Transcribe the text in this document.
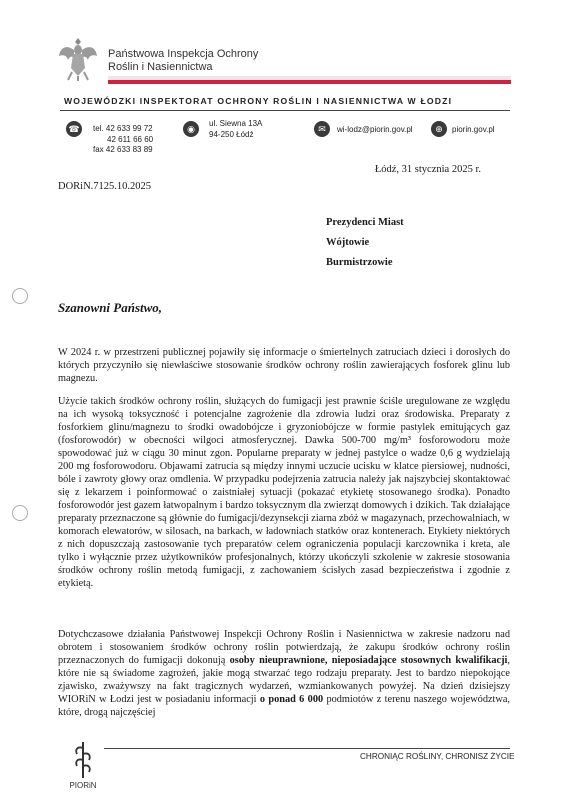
Państwowa Inspekcja Ochrony
Roślin i Nasiennictwa
WOJEWÓDZKI INSPEKTORAT OCHRONY ROŚLIN I NASIENNICTWA W ŁODZI
☎ tel. 42 633 99 72
42 611 66 60
fax 42 633 83 89
◉
ul. Siewna 13A
94-250 Łódź	✉	wi-lodz@piorin.gov.pl	⊕	piorin.gov.pl
Łódź, 31 stycznia 2025 r.
DORiN.7125.10.2025
Prezydenci Miast
Wójtowie
Burmistrzowie
Szanowni Państwo,
W 2024 r. w przestrzeni publicznej pojawiły się informacje o śmiertelnych zatruciach dzieci i dorosłych do których przyczyniło się niewłaściwe stosowanie środków ochrony roślin zawierających fosforek glinu lub magnezu.
Użycie takich środków ochrony roślin, służących do fumigacji jest prawnie ściśle uregulowane ze względu na ich wysoką toksyczność i potencjalne zagrożenie dla zdrowia ludzi oraz środowiska. Preparaty z fosforkiem glinu/magnezu to środki owadobójcze i gryzoniobójcze w formie pastylek emitujących gaz (fosforowodór) w obecności wilgoci atmosferycznej. Dawka 500-700 mg/m³ fosforowodoru może spowodować już w ciągu 30 minut zgon. Popularne preparaty w jednej pastylce o wadze 0,6 g wydzielają 200 mg fosforowodoru. Objawami zatrucia są między innymi uczucie ucisku w klatce piersiowej, nudności, bóle i zawroty głowy oraz omdlenia. W przypadku podejrzenia zatrucia należy jak najszybciej skontaktować się z lekarzem i poinformować o zaistniałej sytuacji (pokazać etykietę stosowanego środka). Ponadto fosforowodór jest gazem łatwopalnym i bardzo toksycznym dla zwierząt domowych i dzikich. Tak działające preparaty przeznaczone są głównie do fumigacji/dezynsekcji ziarna zbóż w magazynach, przechowalniach, w komorach elewatorów, w silosach, na barkach, w ładowniach statków oraz kontenerach. Etykiety niektórych z nich dopuszczają zastosowanie tych preparatów celem ograniczenia populacji karczownika i kreta, ale tylko i wyłącznie przez użytkowników profesjonalnych, którzy ukończyli szkolenie w zakresie stosowania środków ochrony roślin metodą fumigacji, z zachowaniem ścisłych zasad bezpieczeństwa i zgodnie z etykietą.
Dotychczasowe działania Państwowej Inspekcji Ochrony Roślin i Nasiennictwa w zakresie nadzoru nad obrotem i stosowaniem środków ochrony roślin potwierdzają, że zakupu środków ochrony roślin przeznaczonych do fumigacji dokonują osoby nieuprawnione, nieposiadające stosownych kwalifikacji, które nie są świadome zagrożeń, jakie mogą stwarzać tego rodzaju preparaty. Jest to bardzo niepokojące zjawisko, zważywszy na fakt tragicznych wydarzeń, wzmiankowanych powyżej. Na dzień dzisiejszy WIORiN w Łodzi jest w posiadaniu informacji o ponad 6 000 podmiotów z terenu naszego województwa, które, drogą najczęściej
PIORiN
CHRONIĄC ROŚLINY, CHRONISZ ŻYCIE
